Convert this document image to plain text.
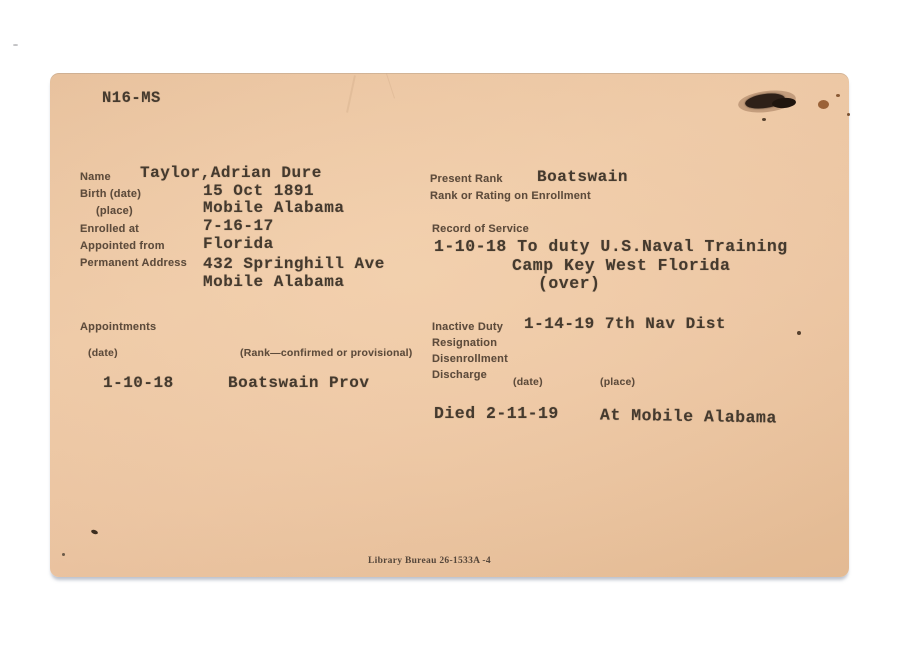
N16-MS
Name Taylor,Adrian Dure
Birth (date)	15 Oct 1891
(place)	Mobile Alabama
Enrolled at	7-16-17
Appointed from Florida
Permanent Address 432 Springhill Ave
Mobile Alabama
Present Rank Boatswain
Rank or Rating on Enrollment
Record of Service
1-10-18 To duty U.S.Naval Training
Camp Key West Florida
(over)
Appointments
(date)	(Rank—confirmed or provisional)
1-10-18	Boatswain Prov
Inactive Duty 1-14-19 7th Nav Dist
Resignation
Disenrollment
Discharge
(date)	(place)
Died 2-11-19 At Mobile Alabama
Library Bureau 26-1533A -4
